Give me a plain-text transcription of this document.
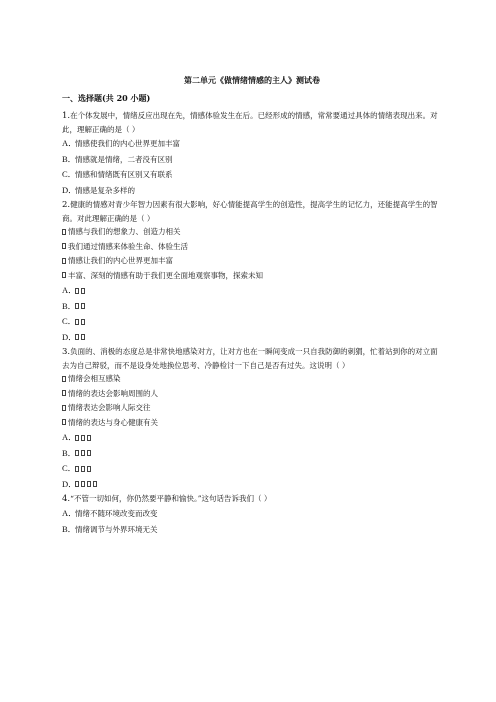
第二单元《做情绪情感的主人》测试卷
一、选择题(共 20 小题)

1.在个体发展中，情绪反应出现在先，情感体验发生在后。已经形成的情感，常常要通过具体的情绪表现出来。对此，理解正确的是（ ）

A．情感使我们的内心世界更加丰富

B．情感就是情绪，二者没有区别

C．情感和情绪既有区别又有联系

D．情感是复杂多样的

2.健康的情感对青少年智力因素有很大影响，好心情能提高学生的创造性，提高学生的记忆力，还能提高学生的智商。对此理解正确的是（ ）

情感与我们的想象力、创造力相关

我们通过情感来体验生命、体验生活

情感让我们的内心世界更加丰富

丰富、深刻的情感有助于我们更全面地观察事物，探索未知

A．

B．

C．

D．

3.负面的、消极的态度总是非常快地感染对方，让对方也在一瞬间变成一只自我防御的刺猬，忙着站到你的对立面去为自己辩驳，而不是设身处地换位思考、冷静检讨一下自己是否有过失。这说明（ ）

情绪会相互感染

情绪的表达会影响周围的人

情绪表达会影响人际交往

情绪的表达与身心健康有关

A．

B．

C．

D．

4.“不管一切如何，你仍然要平静和愉快。”这句话告诉我们（ ）

A．情绪不随环境改变而改变

B．情绪调节与外界环境无关
